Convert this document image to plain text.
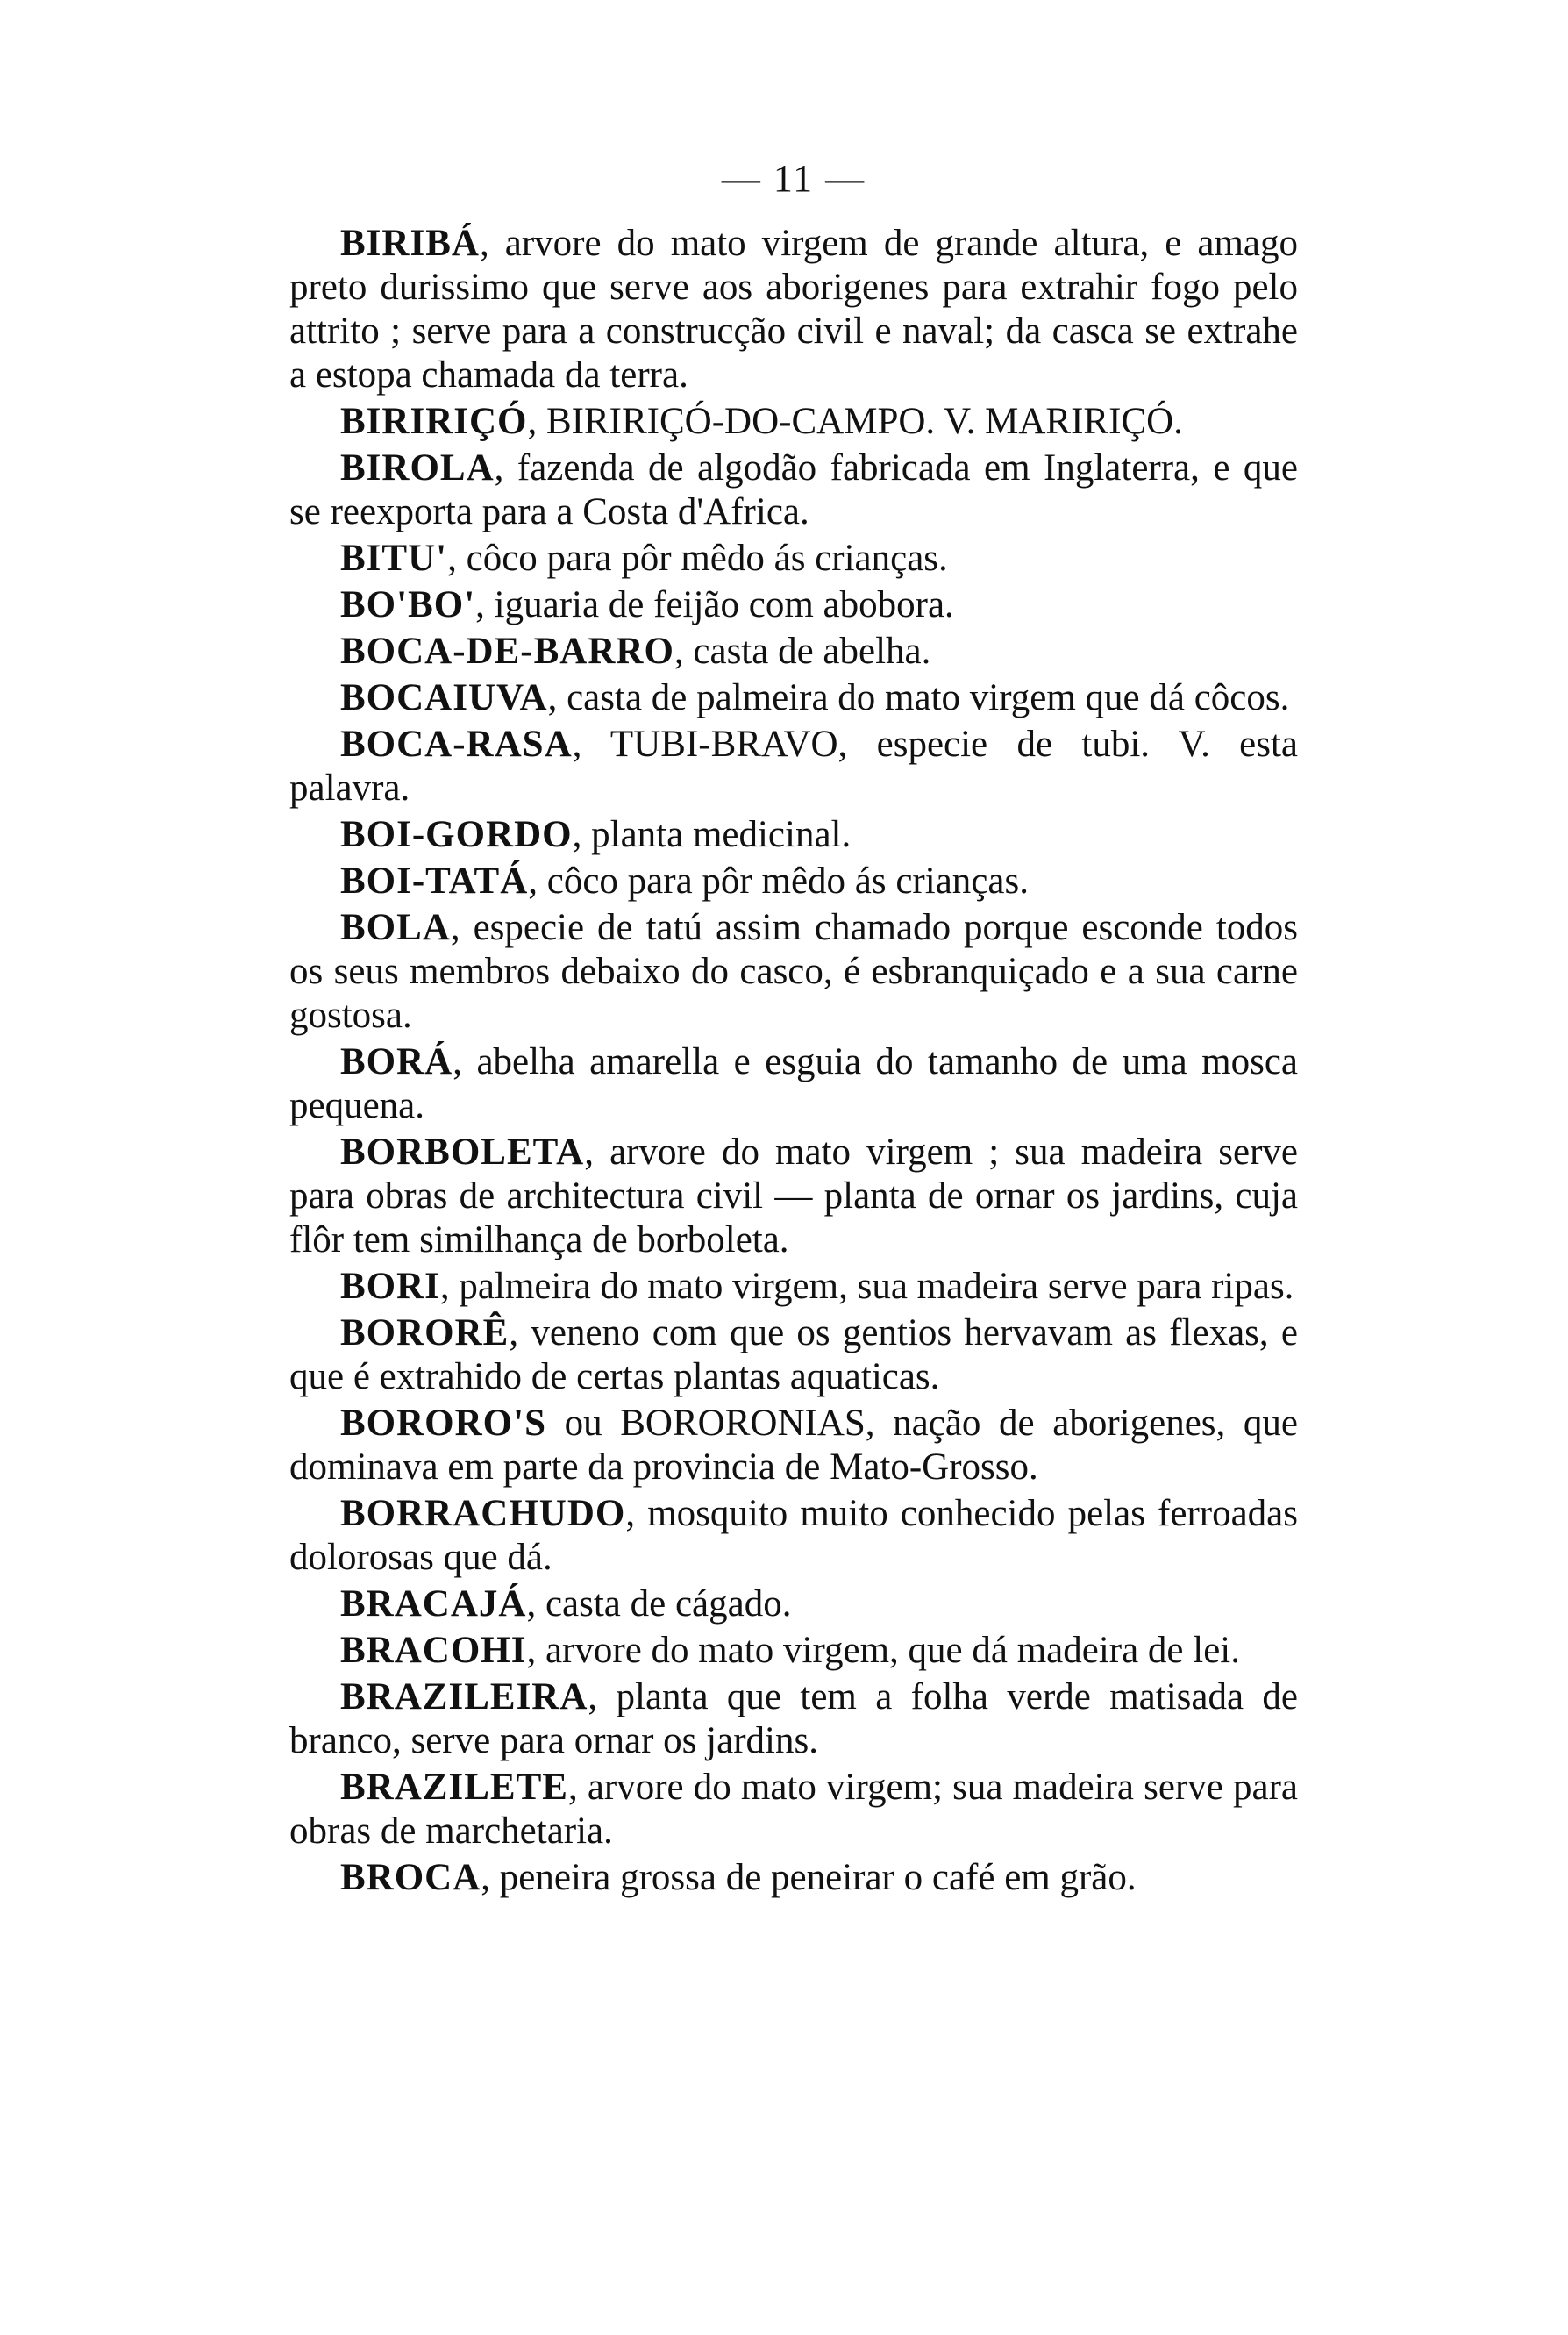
— 11 —

BIRIBÁ, arvore do mato virgem de grande altura, e amago preto durissimo que serve aos aborigenes para extrahir fogo pelo attrito ; serve para a construcção civil e naval; da casca se extrahe a estopa chamada da terra.

BIRIRIÇÓ, BIRIRIÇÓ-DO-CAMPO. V. MARIRIÇÓ.

BIROLA, fazenda de algodão fabricada em Inglaterra, e que se reexporta para a Costa d'Africa.

BITU', côco para pôr mêdo ás crianças.

BO'BO', iguaria de feijão com abobora.

BOCA-DE-BARRO, casta de abelha.

BOCAIUVA, casta de palmeira do mato virgem que dá côcos.

BOCA-RASA, TUBI-BRAVO, especie de tubi. V. esta palavra.

BOI-GORDO, planta medicinal.

BOI-TATÁ, côco para pôr mêdo ás crianças.

BOLA, especie de tatú assim chamado porque esconde todos os seus membros debaixo do casco, é esbranquiçado e a sua carne gostosa.

BORÁ, abelha amarella e esguia do tamanho de uma mosca pequena.

BORBOLETA, arvore do mato virgem ; sua madeira serve para obras de architectura civil — planta de ornar os jardins, cuja flôr tem similhança de borboleta.

BORI, palmeira do mato virgem, sua madeira serve para ripas.

BORORÊ, veneno com que os gentios hervavam as flexas, e que é extrahido de certas plantas aquaticas.

BORORO'S ou BORORONIAS, nação de aborigenes, que dominava em parte da provincia de Mato-Grosso.

BORRACHUDO, mosquito muito conhecido pelas ferroadas dolorosas que dá.

BRACAJÁ, casta de cágado.

BRACOHI, arvore do mato virgem, que dá madeira de lei.

BRAZILEIRA, planta que tem a folha verde matisada de branco, serve para ornar os jardins.

BRAZILETE, arvore do mato virgem; sua madeira serve para obras de marchetaria.

BROCA, peneira grossa de peneirar o café em grão.
